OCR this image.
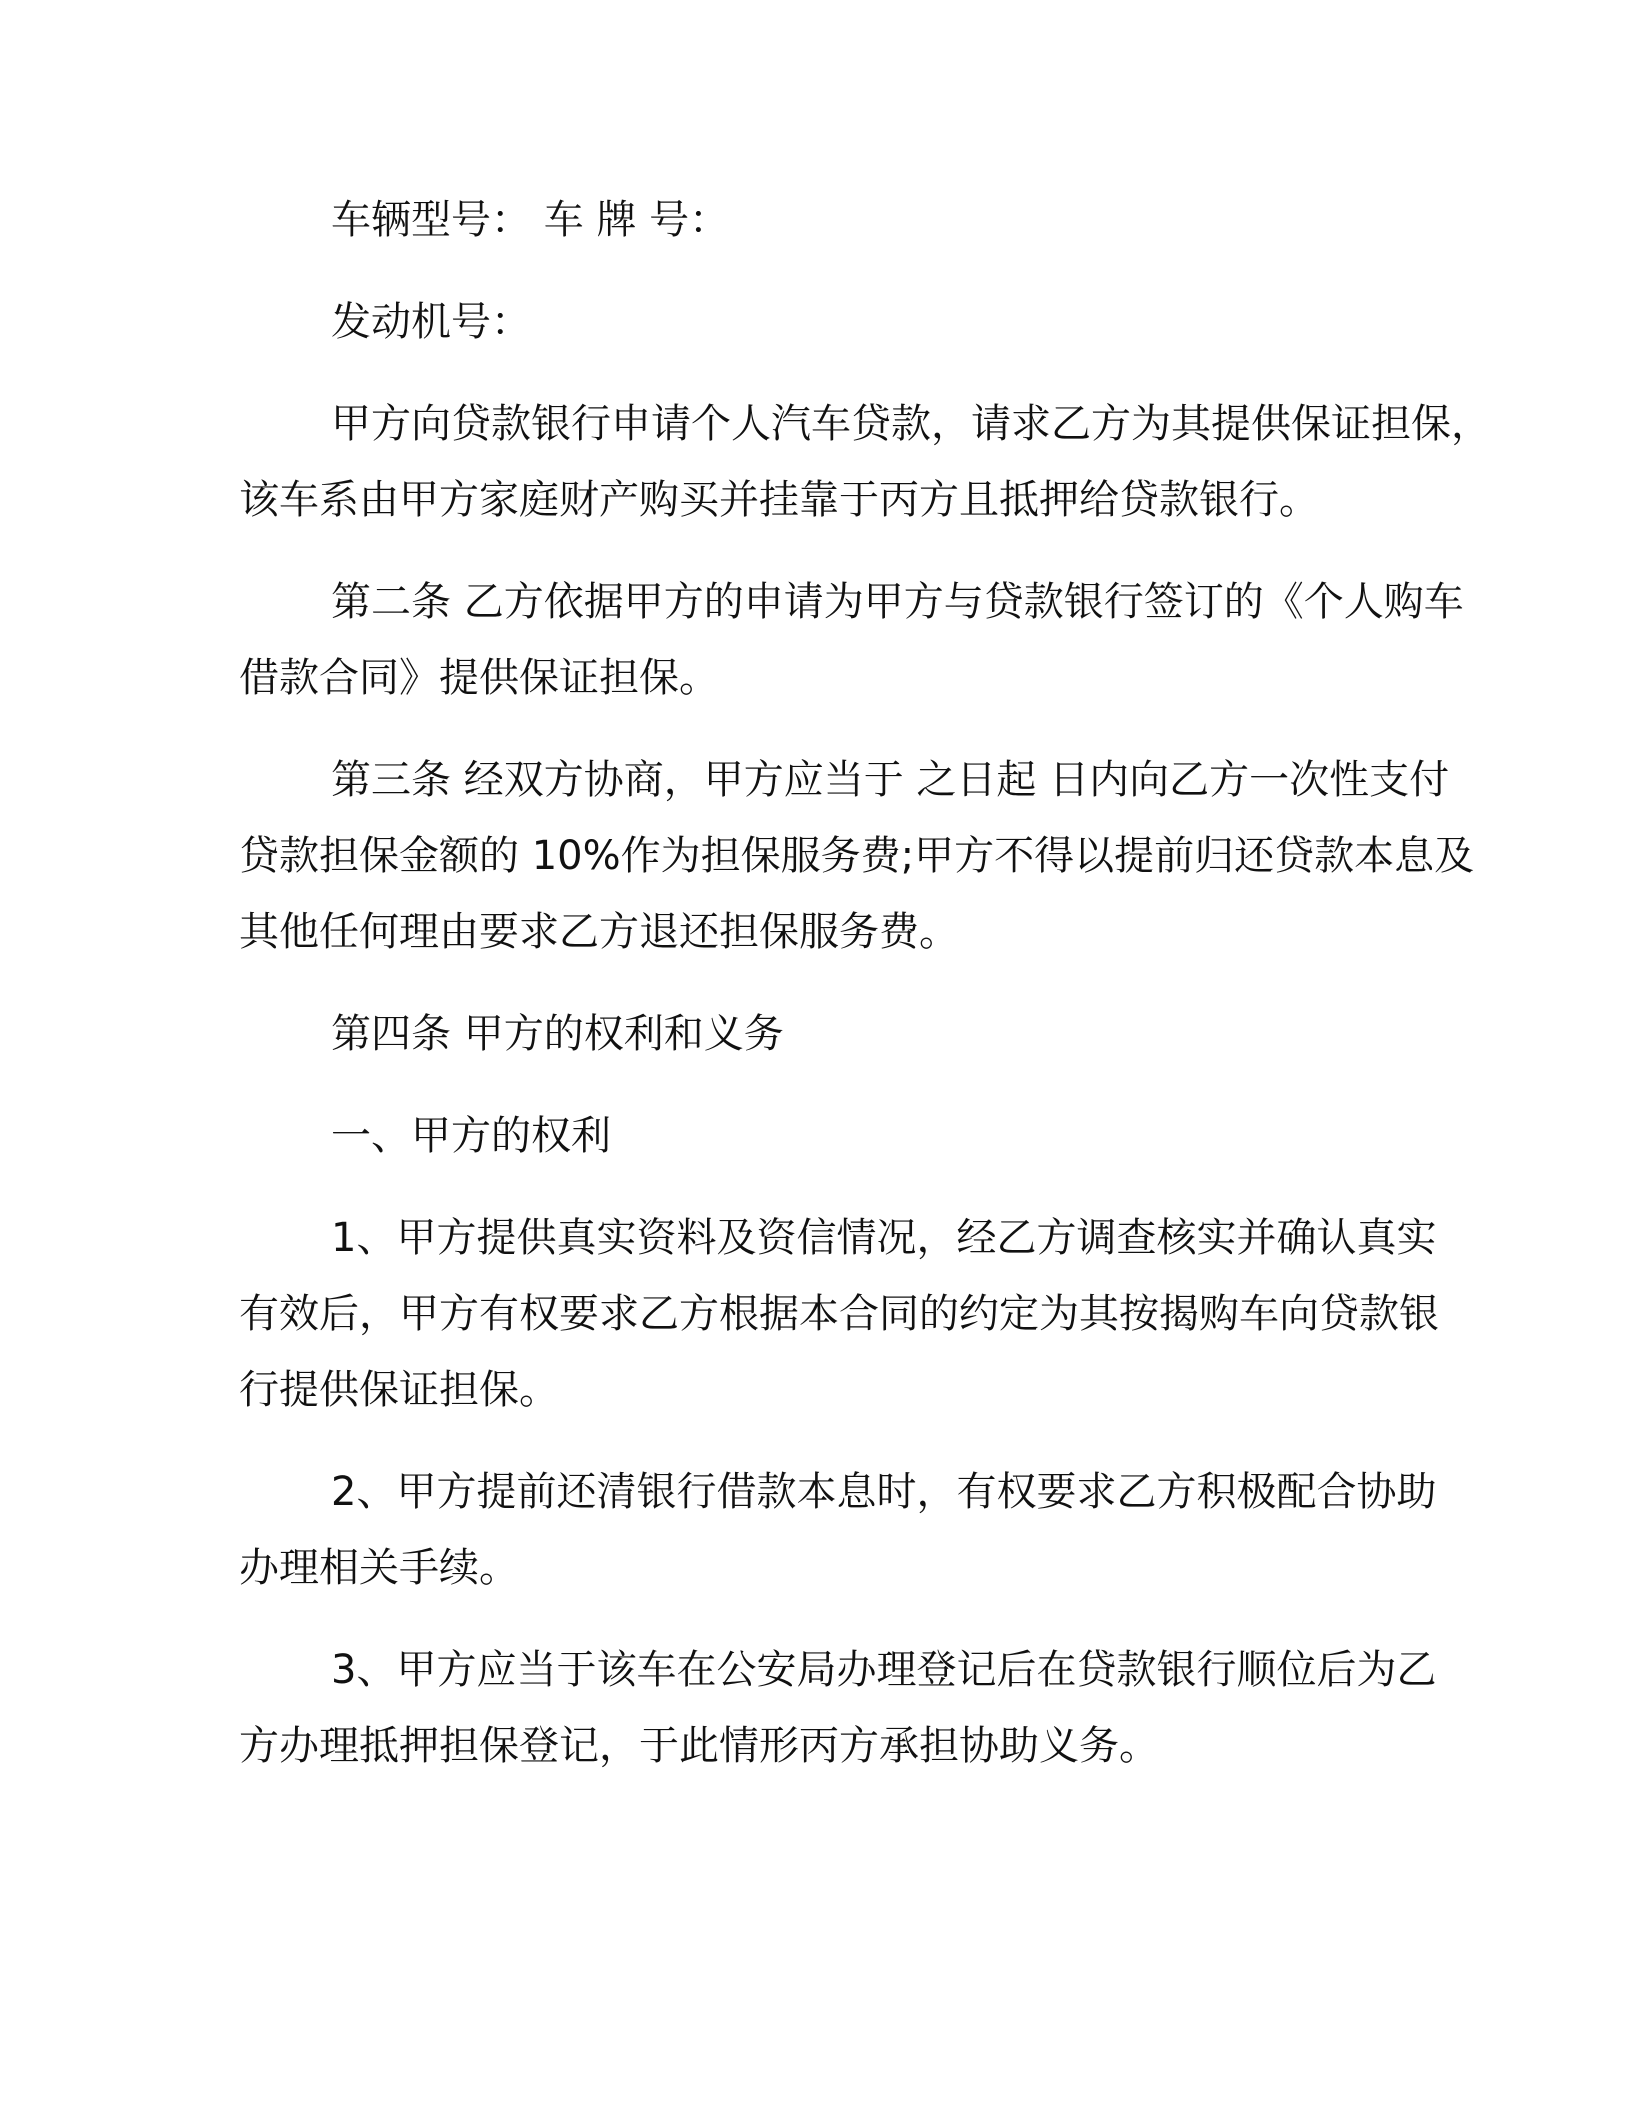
车辆型号： 车 牌 号：

发动机号：

甲方向贷款银行申请个人汽车贷款，请求乙方为其提供保证担保，

该车系由甲方家庭财产购买并挂靠于丙方且抵押给贷款银行。

第二条 乙方依据甲方的申请为甲方与贷款银行签订的《个人购车

借款合同》提供保证担保。

第三条 经双方协商，甲方应当于 之日起 日内向乙方一次性支付

贷款担保金额的 10%作为担保服务费;甲方不得以提前归还贷款本息及

其他任何理由要求乙方退还担保服务费。

第四条 甲方的权利和义务

一、甲方的权利

1、甲方提供真实资料及资信情况，经乙方调查核实并确认真实

有效后，甲方有权要求乙方根据本合同的约定为其按揭购车向贷款银

行提供保证担保。

2、甲方提前还清银行借款本息时，有权要求乙方积极配合协助

办理相关手续。

3、甲方应当于该车在公安局办理登记后在贷款银行顺位后为乙

方办理抵押担保登记，于此情形丙方承担协助义务。
